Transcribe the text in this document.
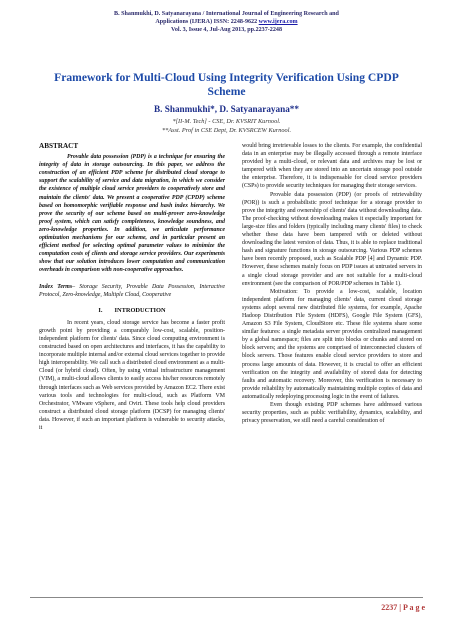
B. Shanmukhi, D. Satyanarayana / International Journal of Engineering Research and
Applications (IJERA) ISSN: 2248-9622 www.ijera.com
Vol. 3, Issue 4, Jul-Aug 2013, pp.2237-2248
Framework for Multi-Cloud Using Integrity Verification Using CPDP Scheme
B. Shanmukhi*, D. Satyanarayana**
*[II-M. Tech] - CSE, Dr. KVSRIT Kurnool.
**Asst. Prof in CSE Dept, Dr. KVSRCEW Kurnool.
ABSTRACT

Provable data possession (PDP) is a technique for ensuring the integrity of data in storage outsourcing. In this paper, we address the construction of an efficient PDP scheme for distributed cloud storage to support the scalability of service and data migration, in which we consider the existence of multiple cloud service providers to cooperatively store and maintain the clients' data. We present a cooperative PDP (CPDP) scheme based on homomorphic verifiable response and hash index hierarchy. We prove the security of our scheme based on multi-prover zero-knowledge proof system, which can satisfy completeness, knowledge soundness, and zero-knowledge properties. In addition, we articulate performance optimization mechanisms for our scheme, and in particular present an efficient method for selecting optimal parameter values to minimize the computation costs of clients and storage service providers. Our experiments show that our solution introduces lower computation and communication overheads in comparison with non-cooperative approaches.

Index Terms– Storage Security, Provable Data Possession, Interactive Protocol, Zero-knowledge, Multiple Cloud, Cooperative
I. INTRODUCTION

In recent years, cloud storage service has become a faster profit growth point by providing a comparably low-cost, scalable, position-independent platform for clients' data. Since cloud computing environment is constructed based on open architectures and interfaces, it has the capability to incorporate multiple internal and/or external cloud services together to provide high interoperability. We call such a distributed cloud environment as a multi-Cloud (or hybrid cloud). Often, by using virtual infrastructure management (VIM), a multi-cloud allows clients to easily access his/her resources remotely through interfaces such as Web services provided by Amazon EC2. There exist various tools and technologies for multi-cloud, such as Platform VM Orchestrator, VMware vSphere, and Ovirt. These tools help cloud providers construct a distributed cloud storage platform (DCSP) for managing clients' data. However, if such an important platform is vulnerable to security attacks, it

would bring irretrievable losses to the clients. For example, the confidential data in an enterprise may be illegally accessed through a remote interface provided by a multi-cloud, or relevant data and archives may be lost or tampered with when they are stored into an uncertain storage pool outside the enterprise. Therefore, it is indispensable for cloud service providers (CSPs) to provide security techniques for managing their storage services.

Provable data possession (PDP) (or proofs of retrievability (POR)) is such a probabilistic proof technique for a storage provider to prove the integrity and ownership of clients' data without downloading data. The proof-checking without downloading makes it especially important for large-size files and folders (typically including many clients' files) to check whether these data have been tampered with or deleted without downloading the latest version of data. Thus, it is able to replace traditional hash and signature functions in storage outsourcing. Various PDP schemes have been recently proposed, such as Scalable PDP [4] and Dynamic PDP. However, these schemes mainly focus on PDP issues at untrusted servers in a single cloud storage provider and are not suitable for a multi-cloud environment (see the comparison of POR/PDP schemes in Table 1).

Motivation: To provide a low-cost, scalable, location independent platform for managing clients' data, current cloud storage systems adopt several new distributed file systems, for example, Apache Hadoop Distribution File System (HDFS), Google File System (GFS), Amazon S3 File System, CloudStore etc. These file systems share some similar features: a single metadata server provides centralized management by a global namespace; files are split into blocks or chunks and stored on block servers; and the systems are comprised of interconnected clusters of block servers. Those features enable cloud service providers to store and process large amounts of data. However, it is crucial to offer an efficient verification on the integrity and availability of stored data for detecting faults and automatic recovery. Moreover, this verification is necessary to provide reliability by automatically maintaining multiple copies of data and automatically redeploying processing logic in the event of failures.

Even though existing PDP schemes have addressed various security properties, such as public verifiability, dynamics, scalability, and privacy preservation, we still need a careful consideration of

2237 | P a g e
